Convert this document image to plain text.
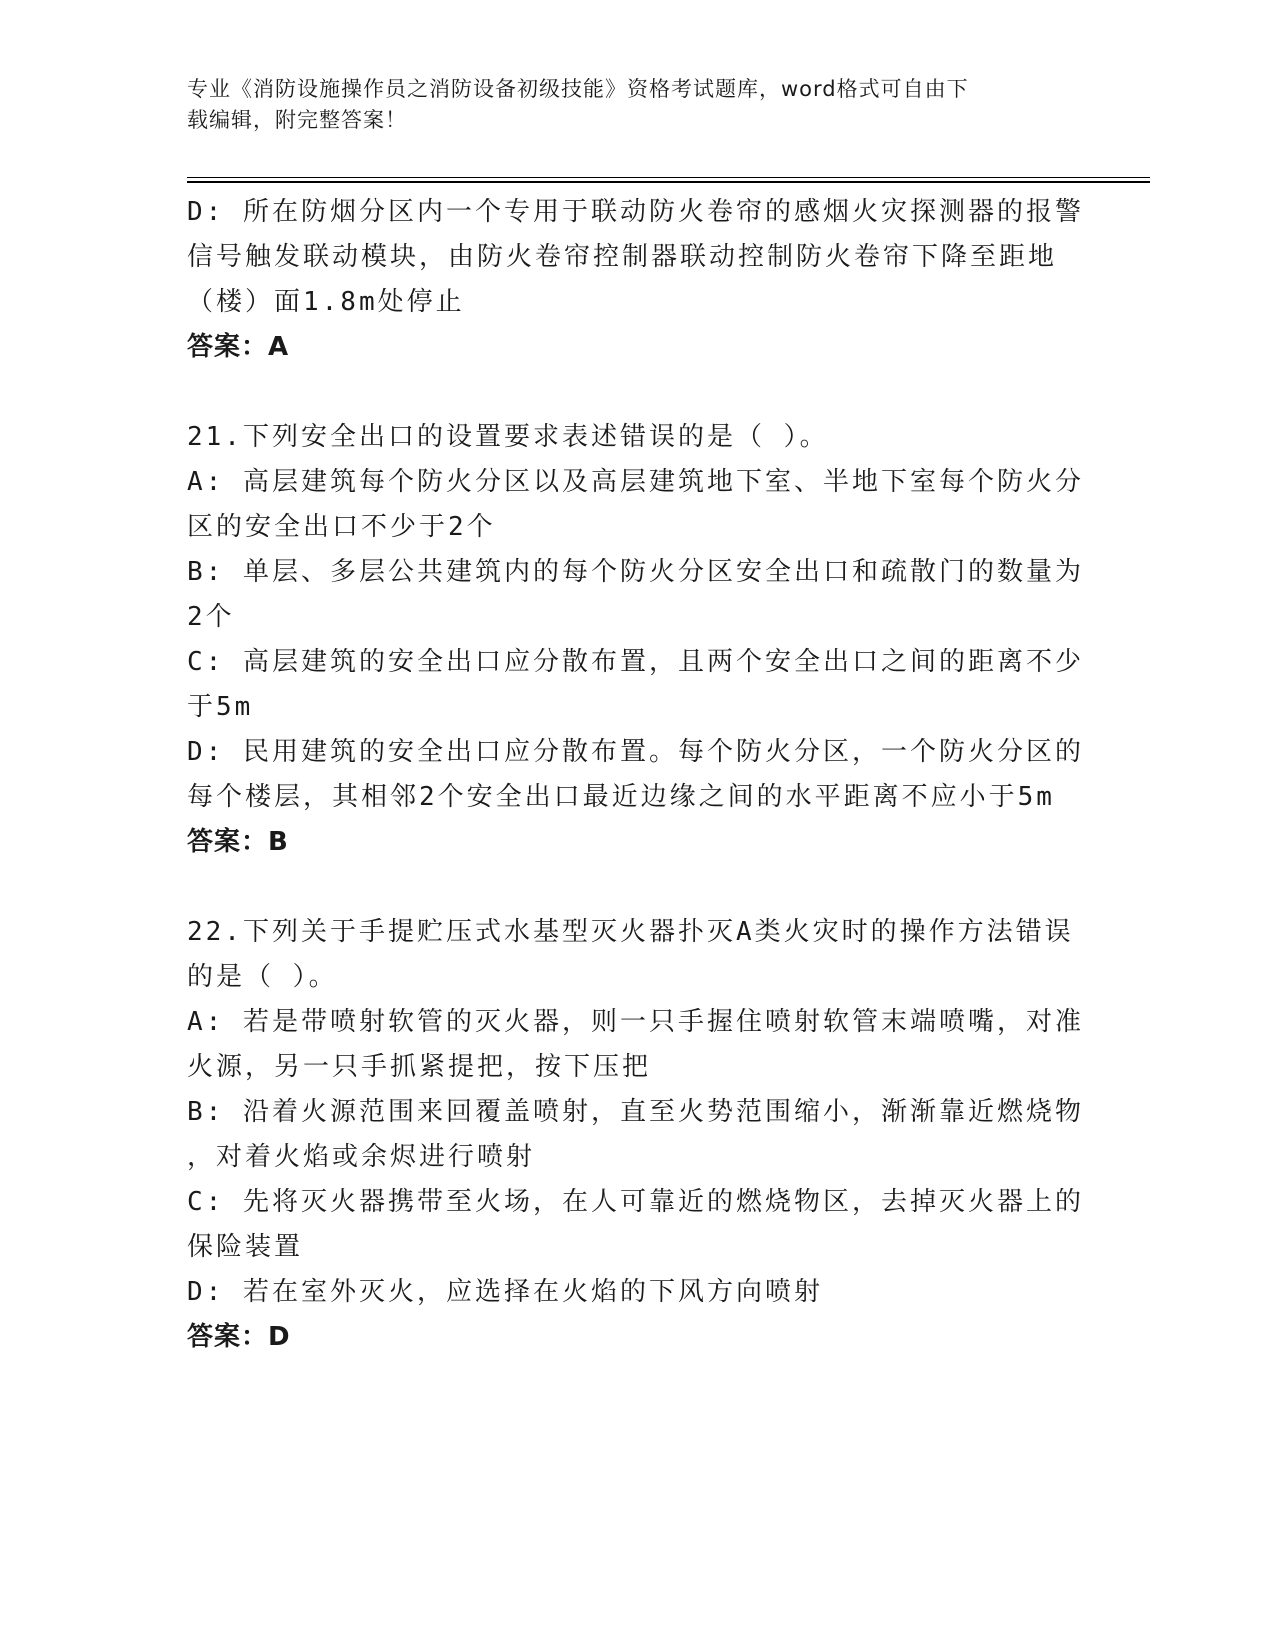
专业《消防设施操作员之消防设备初级技能》资格考试题库，word格式可自由下
载编辑，附完整答案！
D: 所在防烟分区内一个专用于联动防火卷帘的感烟火灾探测器的报警
信号触发联动模块，由防火卷帘控制器联动控制防火卷帘下降至距地
（楼）面1.8m处停止
答案：A
21.下列安全出口的设置要求表述错误的是（ ）。
A: 高层建筑每个防火分区以及高层建筑地下室、半地下室每个防火分
区的安全出口不少于2个
B: 单层、多层公共建筑内的每个防火分区安全出口和疏散门的数量为
2个
C: 高层建筑的安全出口应分散布置，且两个安全出口之间的距离不少
于5m
D: 民用建筑的安全出口应分散布置。每个防火分区，一个防火分区的
每个楼层，其相邻2个安全出口最近边缘之间的水平距离不应小于5m
答案：B
22.下列关于手提贮压式水基型灭火器扑灭A类火灾时的操作方法错误
的是（ ）。
A: 若是带喷射软管的灭火器，则一只手握住喷射软管末端喷嘴，对准
火源，另一只手抓紧提把，按下压把
B: 沿着火源范围来回覆盖喷射，直至火势范围缩小，渐渐靠近燃烧物
，对着火焰或余烬进行喷射
C: 先将灭火器携带至火场，在人可靠近的燃烧物区，去掉灭火器上的
保险装置
D: 若在室外灭火，应选择在火焰的下风方向喷射
答案：D
